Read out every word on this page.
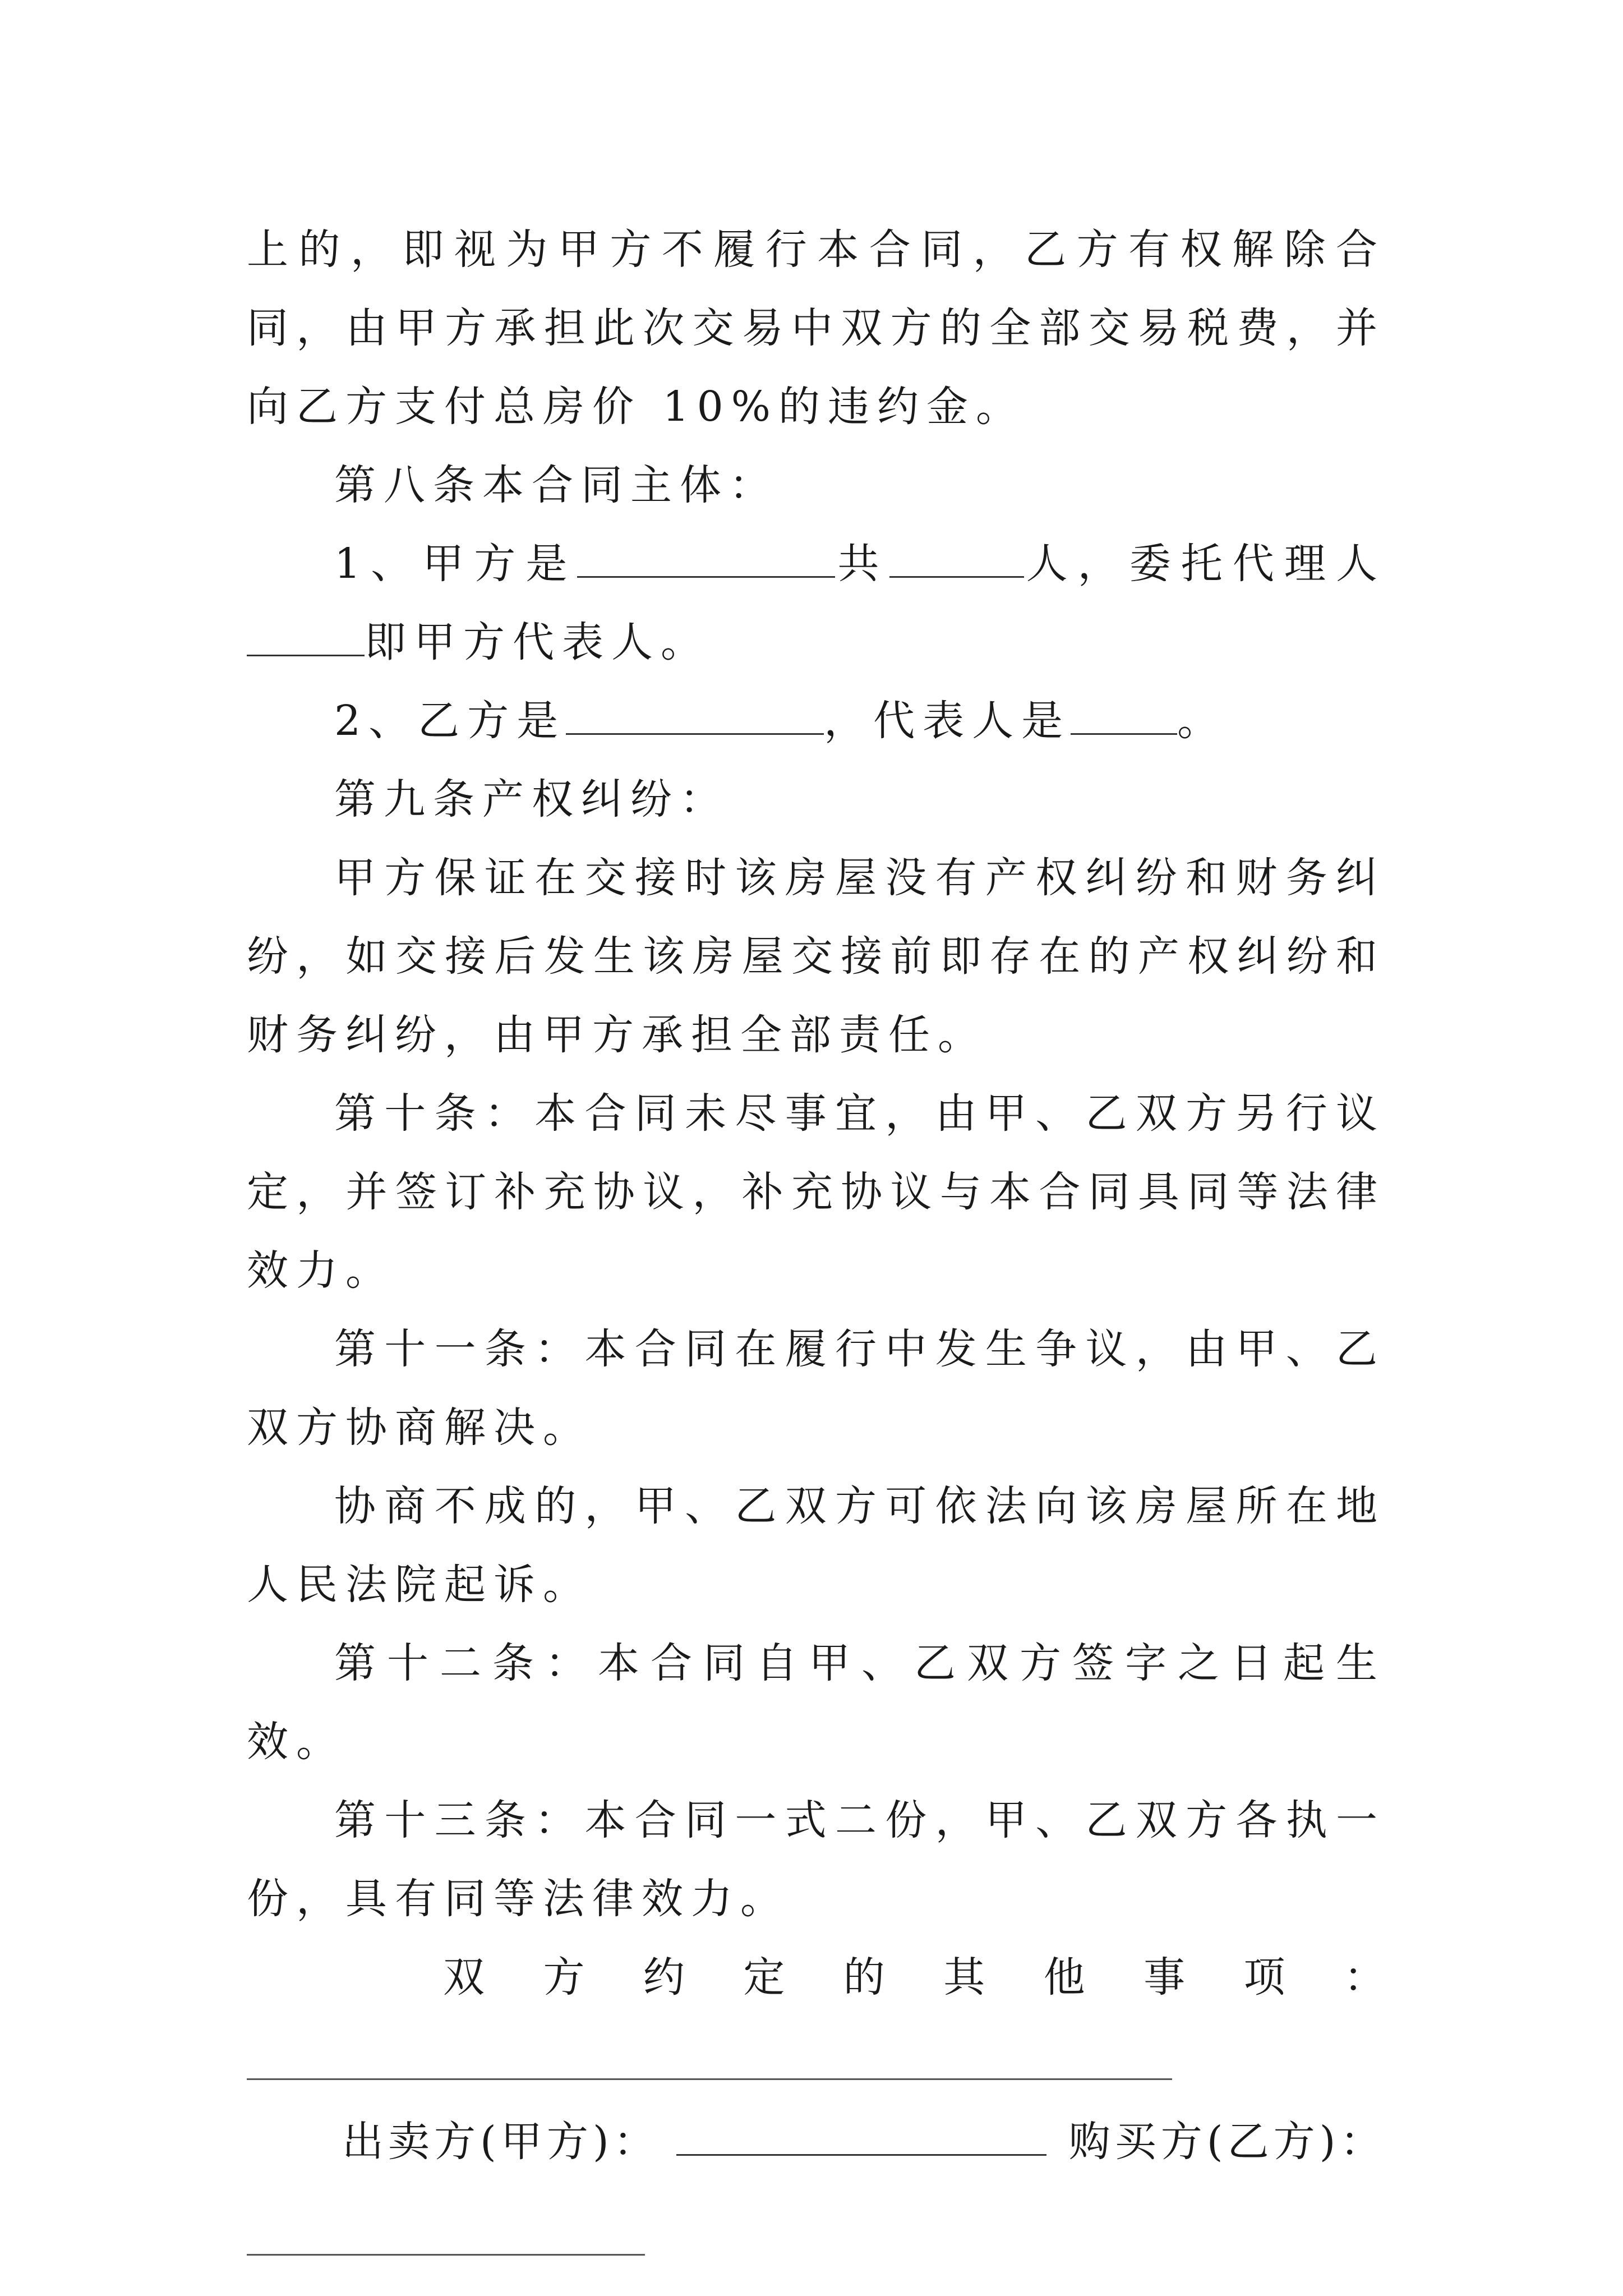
上的，即视为甲方不履行本合同，乙方有权解除合同，由甲方承担此次交易中双方的全部交易税费，并向乙方支付总房价 10%的违约金。

第八条本合同主体：

1、甲方是	共	人，委托代理人即甲方代表人。

2、乙方是	，代表人是	。

第九条产权纠纷：

甲方保证在交接时该房屋没有产权纠纷和财务纠纷，如交接后发生该房屋交接前即存在的产权纠纷和财务纠纷，由甲方承担全部责任。

第十条：本合同未尽事宜，由甲、乙双方另行议定，并签订补充协议，补充协议与本合同具同等法律效力。

第十一条：本合同在履行中发生争议，由甲、乙双方协商解决。

协商不成的，甲、乙双方可依法向该房屋所在地人民法院起诉。

第十二条：本合同自甲、乙双方签字之日起生效。

第十三条：本合同一式二份，甲、乙双方各执一份，具有同等法律效力。

双 方 约 定 的 其 他 事 项 ：

出卖方(甲方)：	购买方(乙方)：
